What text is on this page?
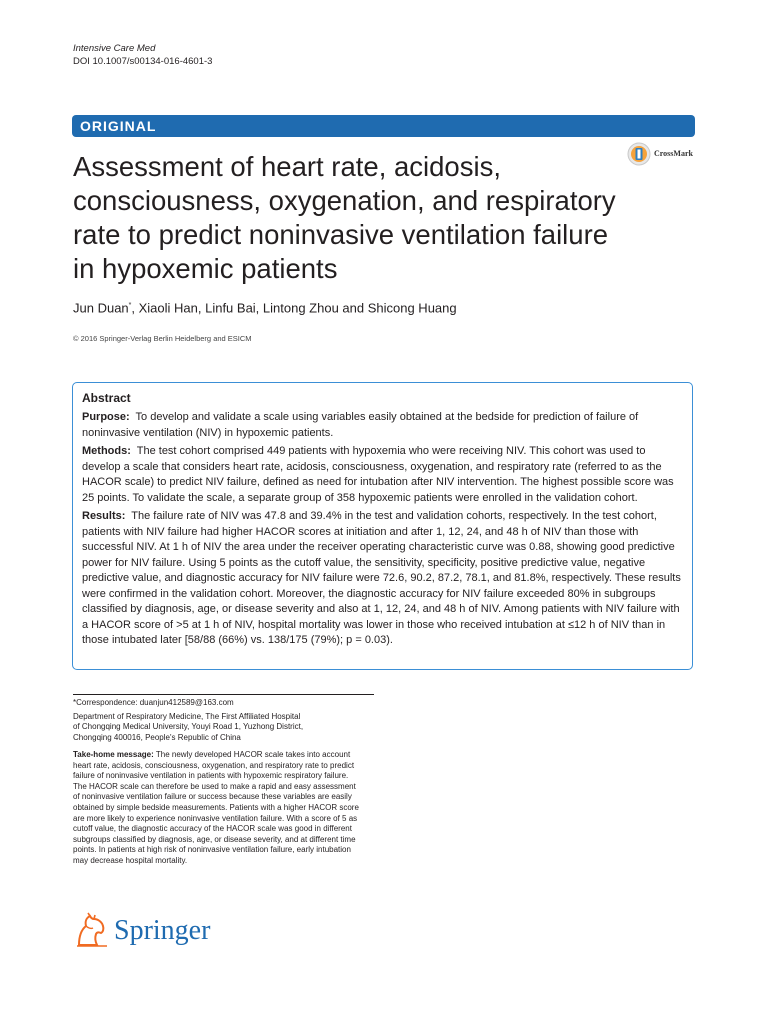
Intensive Care Med
DOI 10.1007/s00134-016-4601-3
ORIGINAL
CrossMark
Assessment of heart rate, acidosis, consciousness, oxygenation, and respiratory rate to predict noninvasive ventilation failure in hypoxemic patients
Jun Duan*, Xiaoli Han, Linfu Bai, Lintong Zhou and Shicong Huang
© 2016 Springer-Verlag Berlin Heidelberg and ESICM
Abstract

Purpose: To develop and validate a scale using variables easily obtained at the bedside for prediction of failure of noninvasive ventilation (NIV) in hypoxemic patients.

Methods: The test cohort comprised 449 patients with hypoxemia who were receiving NIV. This cohort was used to develop a scale that considers heart rate, acidosis, consciousness, oxygenation, and respiratory rate (referred to as the HACOR scale) to predict NIV failure, defined as need for intubation after NIV intervention. The highest possible score was 25 points. To validate the scale, a separate group of 358 hypoxemic patients were enrolled in the validation cohort.

Results: The failure rate of NIV was 47.8 and 39.4% in the test and validation cohorts, respectively. In the test cohort, patients with NIV failure had higher HACOR scores at initiation and after 1, 12, 24, and 48 h of NIV than those with successful NIV. At 1 h of NIV the area under the receiver operating characteristic curve was 0.88, showing good predictive power for NIV failure. Using 5 points as the cutoff value, the sensitivity, specificity, positive predictive value, negative predictive value, and diagnostic accuracy for NIV failure were 72.6, 90.2, 87.2, 78.1, and 81.8%, respectively. These results were confirmed in the validation cohort. Moreover, the diagnostic accuracy for NIV failure exceeded 80% in subgroups classified by diagnosis, age, or disease severity and also at 1, 12, 24, and 48 h of NIV. Among patients with NIV failure with a HACOR score of >5 at 1 h of NIV, hospital mortality was lower in those who received intubation at ≤12 h of NIV than in those intubated later [58/88 (66%) vs. 138/175 (79%); p = 0.03).

*Correspondence: duanjun412589@163.com

Department of Respiratory Medicine, The First Affiliated Hospital

of Chongqing Medical University, Youyi Road 1, Yuzhong District,

Chongqing 400016, People's Republic of China

Take-home message: The newly developed HACOR scale takes into account heart rate, acidosis, consciousness, oxygenation, and respiratory rate to predict failure of noninvasive ventilation in patients with hypoxemic respiratory failure. The HACOR scale can therefore be used to make a rapid and easy assessment of noninvasive ventilation failure or success because these variables are easily obtained by simple bedside measurements. Patients with a higher HACOR score are more likely to experience noninvasive ventilation failure. With a score of 5 as cutoff value, the diagnostic accuracy of the HACOR scale was good in different subgroups classified by diagnosis, age, or disease severity, and at different time points. In patients at high risk of noninvasive ventilation failure, early intubation may decrease hospital mortality.
Springer
